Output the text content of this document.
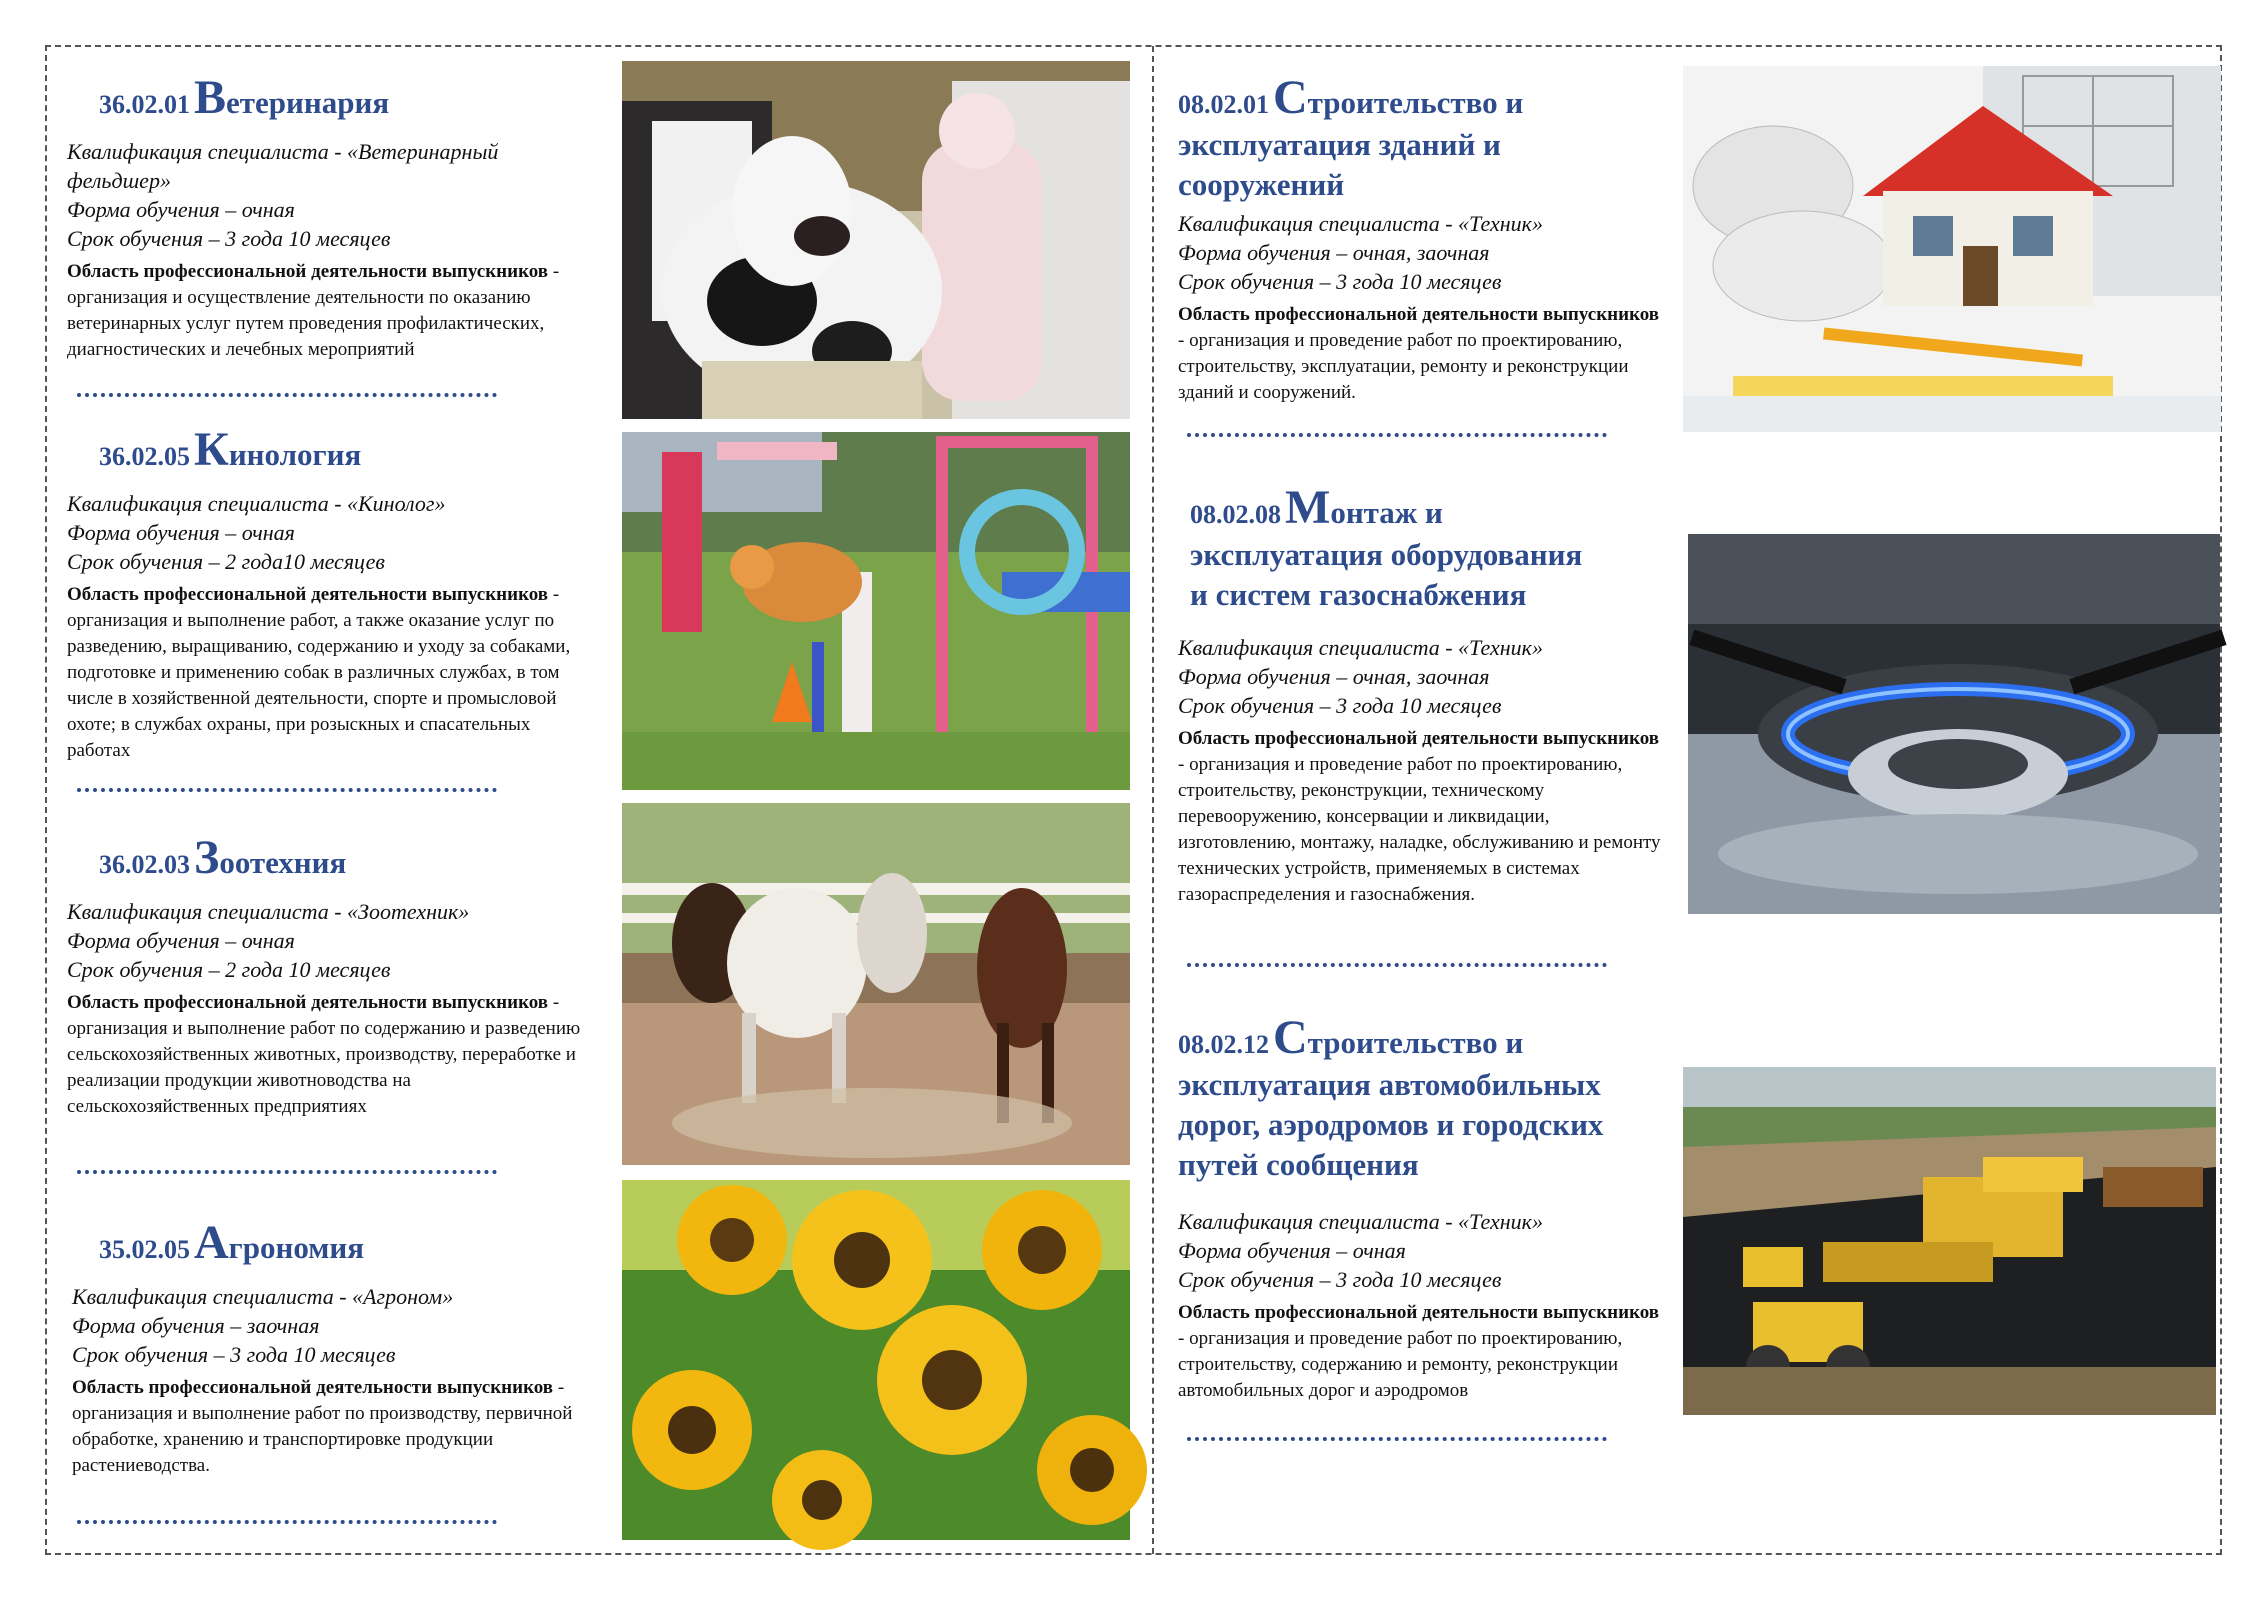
36.02.01 Ветеринария
Квалификация специалиста - «Ветеринарный
фельдшер»
Форма обучения – очная
Срок обучения – 3 года 10 месяцев
Область профессиональной деятельности выпускников - организация и осуществление деятельности по оказанию ветеринарных услуг путем проведения профилактических, диагностических и лечебных мероприятий
36.02.05 Кинология
Квалификация специалиста - «Кинолог»
Форма обучения – очная
Срок обучения – 2 года10 месяцев
Область профессиональной деятельности выпускников - организация и выполнение работ, а также оказание услуг по разведению, выращиванию, содержанию и уходу за собаками, подготовке и применению собак в различных службах, в том числе в хозяйственной деятельности, спорте и промысловой охоте; в службах охраны, при розыскных и спасательных работах
36.02.03 Зоотехния
Квалификация специалиста - «Зоотехник»
Форма обучения – очная
Срок обучения – 2 года 10 месяцев
Область профессиональной деятельности выпускников - организация и выполнение работ по содержанию и разведению сельскохозяйственных животных, производству, переработке и реализации продукции животноводства на сельскохозяйственных предприятиях
35.02.05 Агрономия
Квалификация специалиста - «Агроном»
Форма обучения – заочная
Срок обучения – 3 года 10 месяцев
Область профессиональной деятельности выпускников - организация и выполнение работ по производству, первичной обработке, хранению и транспортировке продукции растениеводства.
08.02.01 Строительство и
эксплуатация зданий и
сооружений
Квалификация специалиста - «Техник»
Форма обучения – очная, заочная
Срок обучения – 3 года 10 месяцев
Область профессиональной деятельности выпускников - организация и проведение работ по проектированию, строительству, эксплуатации, ремонту и реконструкции зданий и сооружений.
08.02.08 Монтаж и
эксплуатация оборудования
и систем газоснабжения
Квалификация специалиста - «Техник»
Форма обучения – очная, заочная
Срок обучения – 3 года 10 месяцев
Область профессиональной деятельности выпускников - организация и проведение работ по проектированию, строительству, реконструкции, техническому перевооружению, консервации и ликвидации, изготовлению, монтажу, наладке, обслуживанию и ремонту технических устройств, применяемых в системах газораспределения и газоснабжения.
08.02.12 Строительство и
эксплуатация автомобильных
дорог, аэродромов и городских
путей сообщения
Квалификация специалиста - «Техник»
Форма обучения – очная
Срок обучения – 3 года 10 месяцев
Область профессиональной деятельности выпускников - организация и проведение работ по проектированию, строительству, содержанию и ремонту, реконструкции автомобильных дорог и аэродромов
